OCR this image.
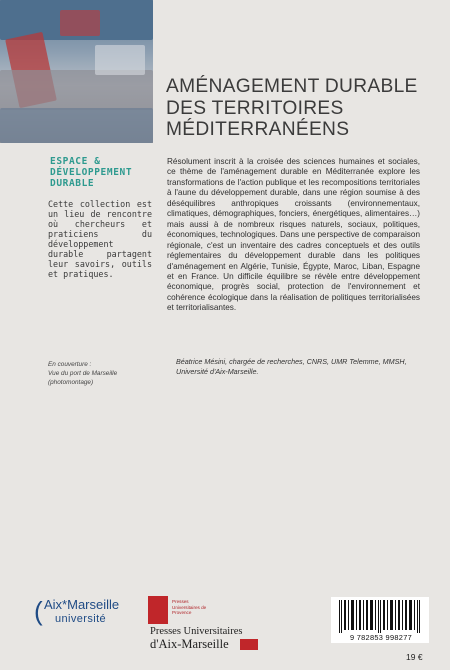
ESPACE &
DÉVELOPPEMENT
DURABLE
Cette collection est un lieu de rencontre où chercheurs et praticiens du développement durable partagent leur savoirs, outils et pratiques.
En couverture :
Vue du port de Marseille
(photomontage)
AMÉNAGEMENT DURABLE
DES TERRITOIRES
MÉDITERRANÉENS
Résolument inscrit à la croisée des sciences humaines et sociales, ce thème de l'aménagement durable en Méditerranée explore les transformations de l'action publique et les recompositions territoriales à l'aune du développement durable, dans une région soumise à des déséquilibres anthropiques croissants (environnementaux, climatiques, démographiques, fonciers, énergétiques, alimentaires…) mais aussi à de nombreux risques naturels, sociaux, politiques, économiques, technologiques. Dans une perspective de comparaison régionale, c'est un inventaire des cadres conceptuels et des outils réglementaires du développement durable dans les politiques d'aménagement en Algérie, Tunisie, Égypte, Maroc, Liban, Espagne et en France. Un difficile équilibre se révèle entre développement économique, progrès social, protection de l'environnement et cohérence écologique dans la réalisation de politiques territorialisées et territorialisantes.
Béatrice Mésini, chargée de recherches, CNRS, UMR Telemme, MMSH, Université d'Aix-Marseille.
( Aix*Marseille
université
Presses Universitaires de Provence
Presses Universitaires
d'Aix-Marseille	9 782853 998277
19 €
